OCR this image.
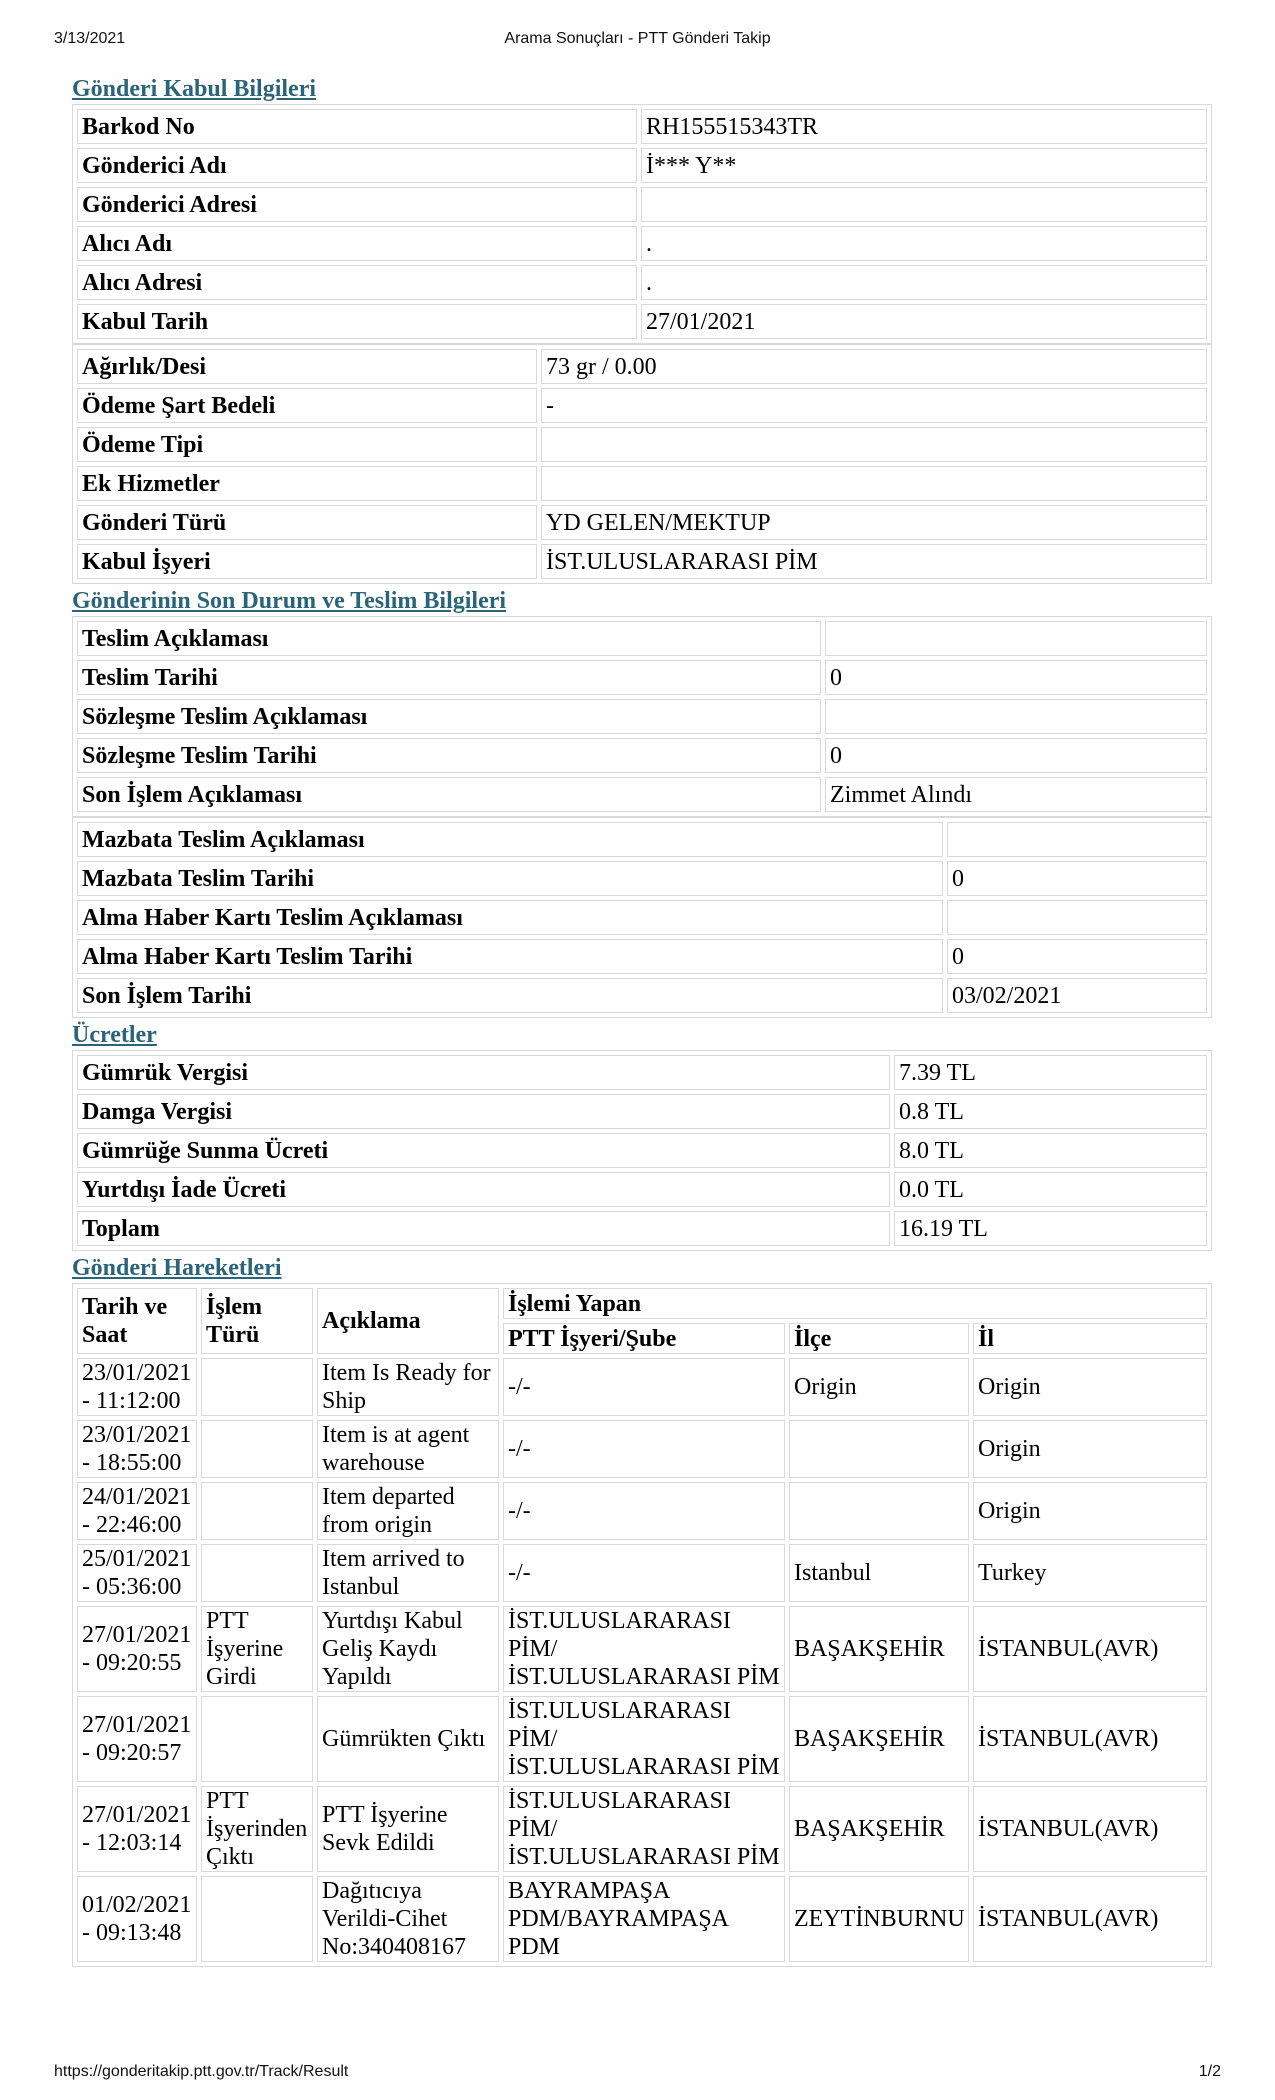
3/13/2021	Arama Sonuçları - PTT Gönderi Takip
Gönderi Kabul Bilgileri
Barkod No	RH155515343TR
Gönderici Adı	İ*** Y**
Gönderici Adresi	
Alıcı Adı	.
Alıcı Adresi	.
Kabul Tarih	27/01/2021
Ağırlık/Desi	73 gr / 0.00
Ödeme Şart Bedeli	-
Ödeme Tipi	
Ek Hizmetler	
Gönderi Türü	YD GELEN/MEKTUP
Kabul İşyeri	İST.ULUSLARARASI PİM
Gönderinin Son Durum ve Teslim Bilgileri
Teslim Açıklaması	
Teslim Tarihi	0
Sözleşme Teslim Açıklaması	
Sözleşme Teslim Tarihi	0
Son İşlem Açıklaması	Zimmet Alındı
Mazbata Teslim Açıklaması	
Mazbata Teslim Tarihi	0
Alma Haber Kartı Teslim Açıklaması	
Alma Haber Kartı Teslim Tarihi	0
Son İşlem Tarihi	03/02/2021
Ücretler
Gümrük Vergisi	7.39 TL
Damga Vergisi	0.8 TL
Gümrüğe Sunma Ücreti	8.0 TL
Yurtdışı İade Ücreti	0.0 TL
Toplam	16.19 TL
Gönderi Hareketleri
Tarih ve Saat	İşlem Türü	Açıklama	İşlemi Yapan		
			PTT İşyeri/Şube	İlçe	İl
23/01/2021 - 11:12:00		Item Is Ready for Ship	-/-	Origin	Origin
23/01/2021 - 18:55:00		Item is at agent warehouse	-/-		Origin
24/01/2021 - 22:46:00		Item departed from origin	-/-		Origin
25/01/2021 - 05:36:00		Item arrived to Istanbul	-/-	Istanbul	Turkey
27/01/2021 - 09:20:55	PTT İşyerine Girdi	Yurtdışı Kabul Geliş Kaydı Yapıldı	İST.ULUSLARARASI PİM/ İST.ULUSLARARASI PİM	BAŞAKŞEHİR	İSTANBUL(AVR)
27/01/2021 - 09:20:57		Gümrükten Çıktı	İST.ULUSLARARASI PİM/ İST.ULUSLARARASI PİM	BAŞAKŞEHİR	İSTANBUL(AVR)
27/01/2021 - 12:03:14	PTT İşyerinden Çıktı	PTT İşyerine Sevk Edildi	İST.ULUSLARARASI PİM/ İST.ULUSLARARASI PİM	BAŞAKŞEHİR	İSTANBUL(AVR)
01/02/2021 - 09:13:48		Dağıtıcıya Verildi-Cihet No:340408167	BAYRAMPAŞA PDM/BAYRAMPAŞA PDM	ZEYTİNBURNU	İSTANBUL(AVR)
https://gonderitakip.ptt.gov.tr/Track/Result	1/2
